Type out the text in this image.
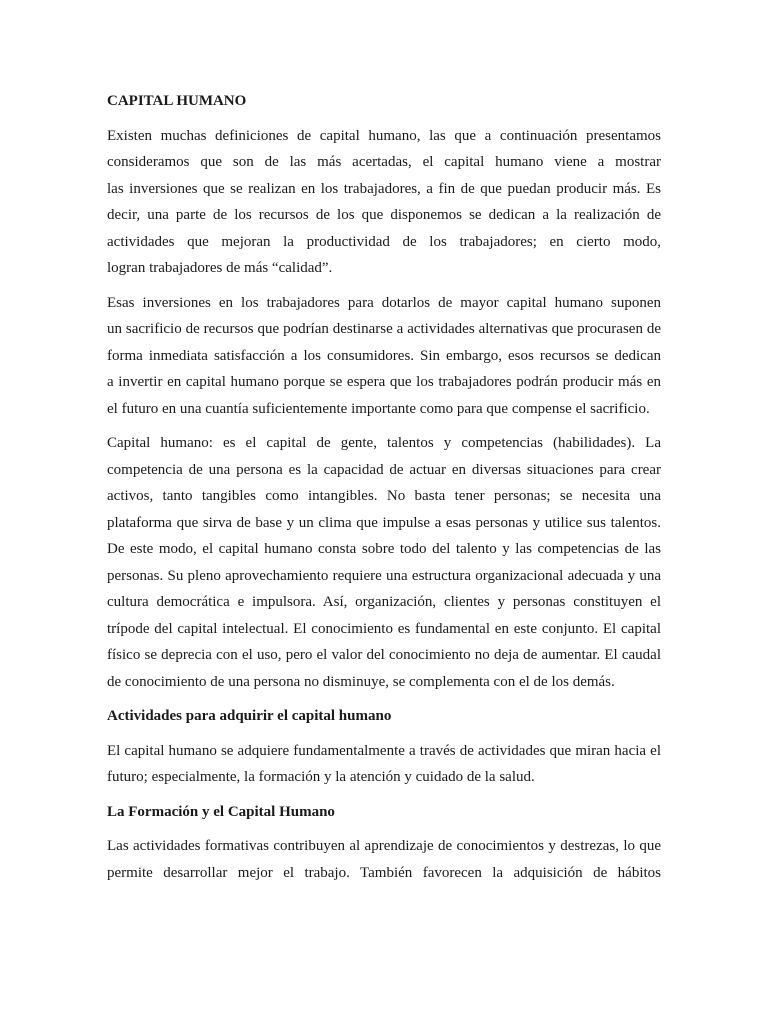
CAPITAL HUMANO
Existen muchas definiciones de capital humano, las que a continuación presentamos
consideramos que son de las más acertadas, el capital humano viene a mostrar
las inversiones que se realizan en los trabajadores, a fin de que puedan producir más. Es
decir, una parte de los recursos de los que disponemos se dedican a la realización de
actividades que mejoran la productividad de los trabajadores; en cierto modo,
logran trabajadores de más “calidad”.
Esas inversiones en los trabajadores para dotarlos de mayor capital humano suponen
un sacrificio de recursos que podrían destinarse a actividades alternativas que procurasen de
forma inmediata satisfacción a los consumidores. Sin embargo, esos recursos se dedican
a invertir en capital humano porque se espera que los trabajadores podrán producir más en
el futuro en una cuantía suficientemente importante como para que compense el sacrificio.
Capital humano: es el capital de gente, talentos y competencias (habilidades). La
competencia de una persona es la capacidad de actuar en diversas situaciones para crear
activos, tanto tangibles como intangibles. No basta tener personas; se necesita una
plataforma que sirva de base y un clima que impulse a esas personas y utilice sus talentos.
De este modo, el capital humano consta sobre todo del talento y las competencias de las
personas. Su pleno aprovechamiento requiere una estructura organizacional adecuada y una
cultura democrática e impulsora. Así, organización, clientes y personas constituyen el
trípode del capital intelectual. El conocimiento es fundamental en este conjunto. El capital
físico se deprecia con el uso, pero el valor del conocimiento no deja de aumentar. El caudal
de conocimiento de una persona no disminuye, se complementa con el de los demás.
Actividades para adquirir el capital humano
El capital humano se adquiere fundamentalmente a través de actividades que miran hacia el
futuro; especialmente, la formación y la atención y cuidado de la salud.
La Formación y el Capital Humano
Las actividades formativas contribuyen al aprendizaje de conocimientos y destrezas, lo que
permite desarrollar mejor el trabajo. También favorecen la adquisición de hábitos
